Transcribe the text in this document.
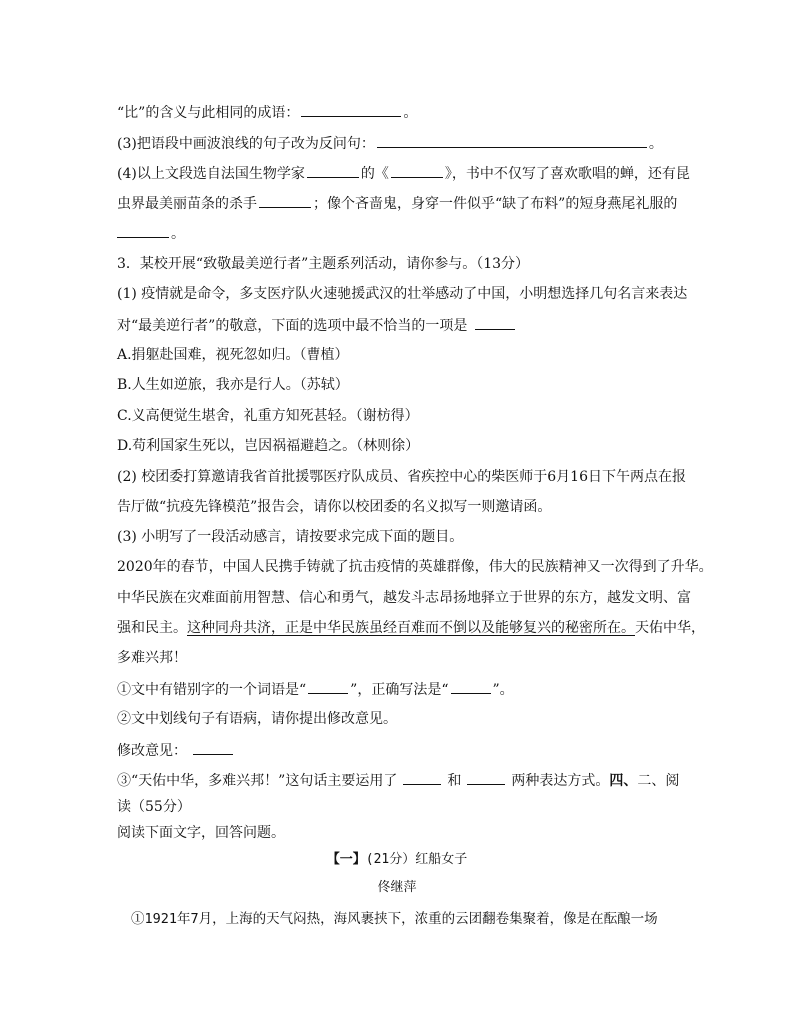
“比”的含义与此相同的成语：	。
(3)把语段中画波浪线的句子改为反问句：	。
(4)以上文段选自法国生物学家	的《	》，书中不仅写了喜欢歌唱的蝉，还有昆
虫界最美丽苗条的杀手	；像个吝啬鬼，身穿一件似乎“缺了布料”的短身燕尾礼服的
。
3．某校开展“致敬最美逆行者”主题系列活动，请你参与。（13分）
(1) 疫情就是命令，多支医疗队火速驰援武汉的壮举感动了中国，小明想选择几句名言来表达
对“最美逆行者”的敬意，下面的选项中最不恰当的一项是
A.捐躯赴国难，视死忽如归。（曹植）
B.人生如逆旅，我亦是行人。（苏轼）
C.义高便觉生堪舍，礼重方知死甚轻。（谢枋得）
D.苟利国家生死以，岂因祸福避趋之。（林则徐）
(2) 校团委打算邀请我省首批援鄂医疗队成员、省疾控中心的柴医师于6月16日下午两点在报
告厅做“抗疫先锋模范”报告会，请你以校团委的名义拟写一则邀请函。
(3) 小明写了一段活动感言，请按要求完成下面的题目。
2020年的春节，中国人民携手铸就了抗击疫情的英雄群像，伟大的民族精神又一次得到了升华。
中华民族在灾难面前用智慧、信心和勇气，越发斗志昂扬地驿立于世界的东方，越发文明、富
强和民主。这种同舟共济，正是中华民族虽经百难而不倒以及能够复兴的秘密所在。天佑中华，
多难兴邦！
①文中有错别字的一个词语是“	”，正确写法是“	”。
②文中划线句子有语病，请你提出修改意见。
修改意见：
③“天佑中华，多难兴邦！”这句话主要运用了	和	两种表达方式。四、二、阅
读（55分）
阅读下面文字，回答问题。
【一】(21分）红船女子
佟继萍
①1921年7月，上海的天气闷热，海风裹挟下，浓重的云团翻卷集聚着，像是在酝酿一场
